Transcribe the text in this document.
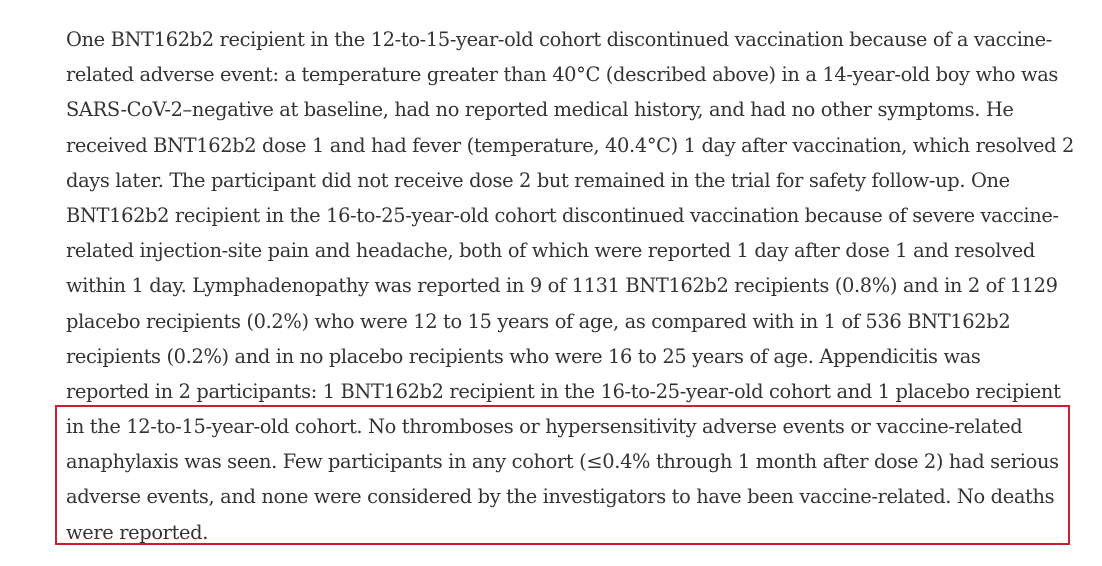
One BNT162b2 recipient in the 12-to-15-year-old cohort discontinued vaccination because of a vaccine-
related adverse event: a temperature greater than 40°C (described above) in a 14-year-old boy who was
SARS-CoV-2–negative at baseline, had no reported medical history, and had no other symptoms. He
received BNT162b2 dose 1 and had fever (temperature, 40.4°C) 1 day after vaccination, which resolved 2
days later. The participant did not receive dose 2 but remained in the trial for safety follow-up. One
BNT162b2 recipient in the 16-to-25-year-old cohort discontinued vaccination because of severe vaccine-
related injection-site pain and headache, both of which were reported 1 day after dose 1 and resolved
within 1 day. Lymphadenopathy was reported in 9 of 1131 BNT162b2 recipients (0.8%) and in 2 of 1129
placebo recipients (0.2%) who were 12 to 15 years of age, as compared with in 1 of 536 BNT162b2
recipients (0.2%) and in no placebo recipients who were 16 to 25 years of age. Appendicitis was
reported in 2 participants: 1 BNT162b2 recipient in the 16-to-25-year-old cohort and 1 placebo recipient
in the 12-to-15-year-old cohort. No thromboses or hypersensitivity adverse events or vaccine-related
anaphylaxis was seen. Few participants in any cohort (≤0.4% through 1 month after dose 2) had serious
adverse events, and none were considered by the investigators to have been vaccine-related. No deaths
were reported.
